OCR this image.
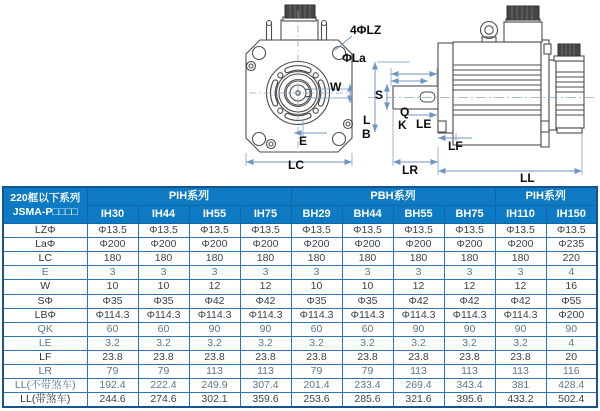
4ΦLZ
ΦLa
W
E
LC
S
Q
K
L
B
LE
LF
LR
LL
220框以下系列
JSMA-P□□□□	PIH系列				PBH系列				PIH系列	
	IH30	IH44	IH55	IH75	BH29	BH44	BH55	BH75	IH110	IH150
LZΦ	Φ13.5	Φ13.5	Φ13.5	Φ13.5	Φ13.5	Φ13.5	Φ13.5	Φ13.5	Φ13.5	Φ13.5
LaΦ	Φ200	Φ200	Φ200	Φ200	Φ200	Φ200	Φ200	Φ200	Φ200	Φ235
LC	180	180	180	180	180	180	180	180	180	220
E	3	3	3	3	3	3	3	3	3	4
W	10	10	12	12	10	10	12	12	12	16
SΦ	Φ35	Φ35	Φ42	Φ42	Φ35	Φ35	Φ42	Φ42	Φ42	Φ55
LBΦ	Φ114.3	Φ114.3	Φ114.3	Φ114.3	Φ114.3	Φ114.3	Φ114.3	Φ114.3	Φ114.3	Φ200
QK	60	60	90	90	60	60	90	90	90	90
LE	3.2	3.2	3.2	3.2	3.2	3.2	3.2	3.2	3.2	4
LF	23.8	23.8	23.8	23.8	23.8	23.8	23.8	23.8	23.8	20
LR	79	79	113	113	79	79	113	113	113	116
LL(不带煞车)	192.4	222.4	249.9	307.4	201.4	233.4	269.4	343.4	381	428.4
LL(带煞车)	244.6	274.6	302.1	359.6	253.6	285.6	321.6	395.6	433.2	502.4
